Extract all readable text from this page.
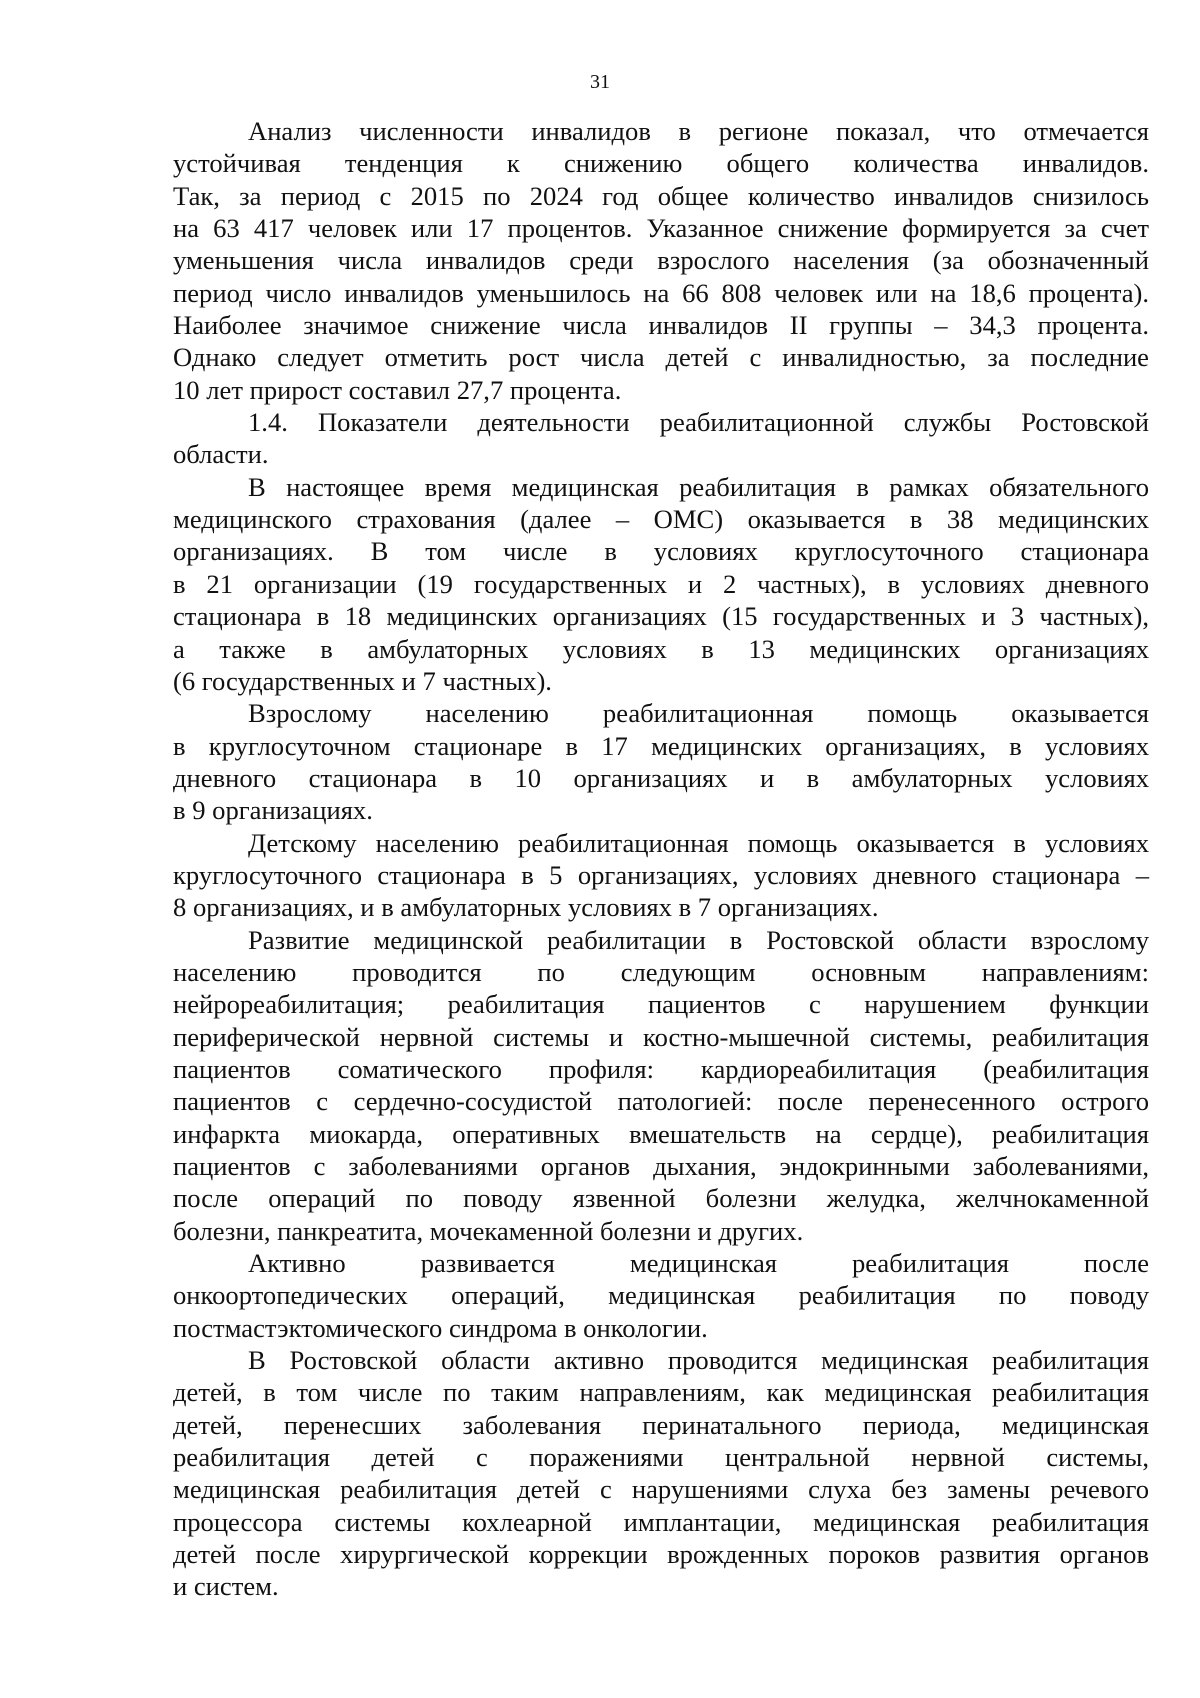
31

Анализ численности инвалидов в регионе показал, что отмечается
устойчивая тенденция к снижению общего количества инвалидов.
Так, за период с 2015 по 2024 год общее количество инвалидов снизилось
на 63 417 человек или 17 процентов. Указанное снижение формируется за счет
уменьшения числа инвалидов среди взрослого населения (за обозначенный
период число инвалидов уменьшилось на 66 808 человек или на 18,6 процента).
Наиболее значимое снижение числа инвалидов II группы – 34,3 процента.
Однако следует отметить рост числа детей с инвалидностью, за последние
10 лет прирост составил 27,7 процента.

1.4. Показатели деятельности реабилитационной службы Ростовской
области.

В настоящее время медицинская реабилитация в рамках обязательного
медицинского страхования (далее – ОМС) оказывается в 38 медицинских
организациях. В том числе в условиях круглосуточного стационара
в 21 организации (19 государственных и 2 частных), в условиях дневного
стационара в 18 медицинских организациях (15 государственных и 3 частных),
а также в амбулаторных условиях в 13 медицинских организациях
(6 государственных и 7 частных).

Взрослому населению реабилитационная помощь оказывается
в круглосуточном стационаре в 17 медицинских организациях, в условиях
дневного стационара в 10 организациях и в амбулаторных условиях
в 9 организациях.

Детскому населению реабилитационная помощь оказывается в условиях
круглосуточного стационара в 5 организациях, условиях дневного стационара –
8 организациях, и в амбулаторных условиях в 7 организациях.

Развитие медицинской реабилитации в Ростовской области взрослому
населению проводится по следующим основным направлениям:
нейрореабилитация; реабилитация пациентов с нарушением функции
периферической нервной системы и костно-мышечной системы, реабилитация
пациентов соматического профиля: кардиореабилитация (реабилитация
пациентов с сердечно-сосудистой патологией: после перенесенного острого
инфаркта миокарда, оперативных вмешательств на сердце), реабилитация
пациентов с заболеваниями органов дыхания, эндокринными заболеваниями,
после операций по поводу язвенной болезни желудка, желчнокаменной
болезни, панкреатита, мочекаменной болезни и других.

Активно развивается медицинская реабилитация после
онкоортопедических операций, медицинская реабилитация по поводу
постмастэктомического синдрома в онкологии.

В Ростовской области активно проводится медицинская реабилитация
детей, в том числе по таким направлениям, как медицинская реабилитация
детей, перенесших заболевания перинатального периода, медицинская
реабилитация детей с поражениями центральной нервной системы,
медицинская реабилитация детей с нарушениями слуха без замены речевого
процессора системы кохлеарной имплантации, медицинская реабилитация
детей после хирургической коррекции врожденных пороков развития органов
и систем.
